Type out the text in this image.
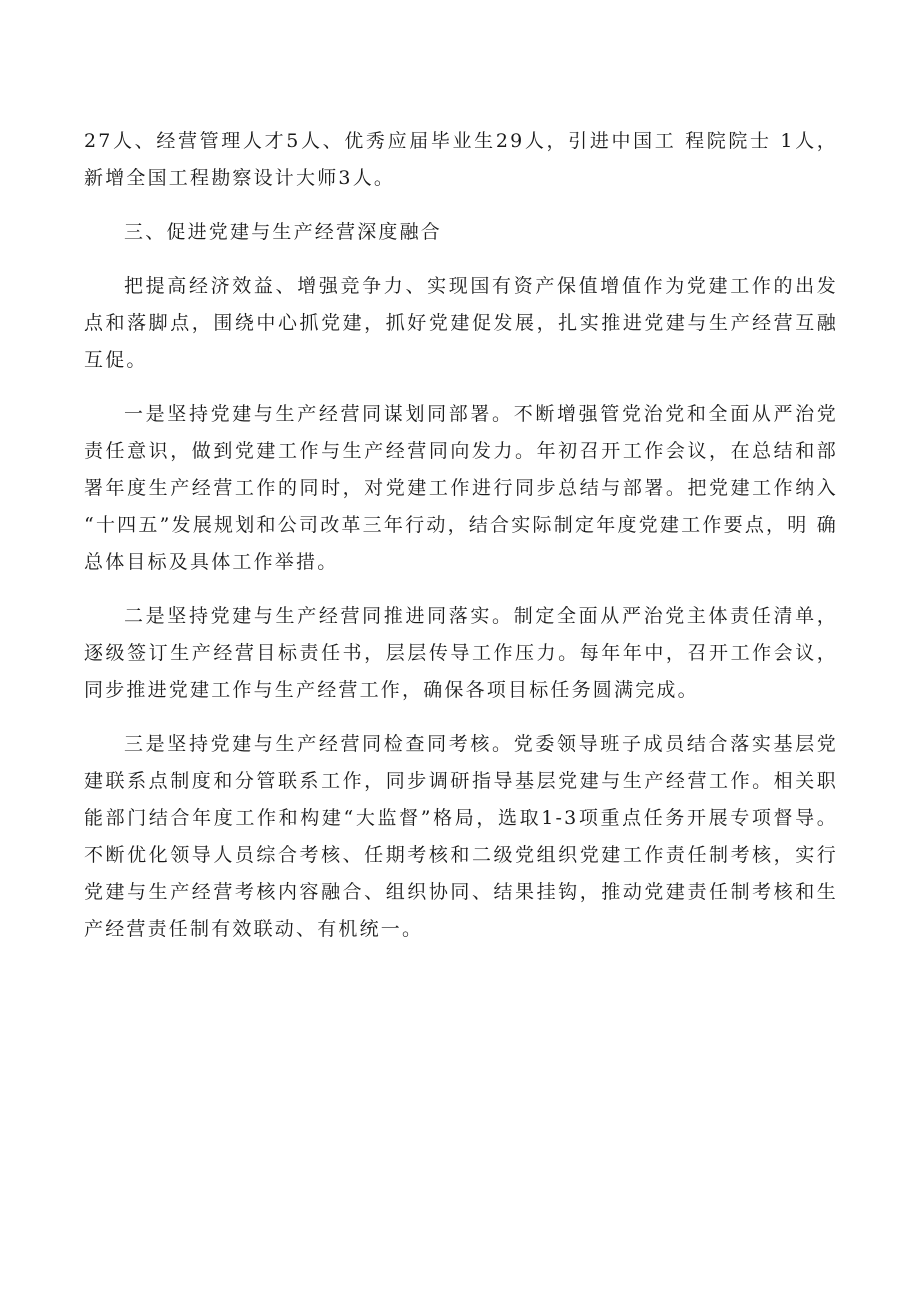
27人、经营管理人才5人、优秀应届毕业生29人，引进中国工 程院院士 1人，新增全国工程勘察设计大师3人。

三、促进党建与生产经营深度融合

把提高经济效益、增强竞争力、实现国有资产保值增值作为党建工作的出发 点和落脚点，围绕中心抓党建，抓好党建促发展，扎实推进党建与生产经营互融 互促。

一是坚持党建与生产经营同谋划同部署。不断增强管党治党和全面从严治党 责任意识，做到党建工作与生产经营同向发力。年初召开工作会议，在总结和部 署年度生产经营工作的同时，对党建工作进行同步总结与部署。把党建工作纳入 “十四五”发展规划和公司改革三年行动，结合实际制定年度党建工作要点，明 确总体目标及具体工作举措。

二是坚持党建与生产经营同推进同落实。制定全面从严治党主体责任清单，逐级签订生产经营目标责任书，层层传导工作压力。每年年中，召开工作会议，同步推进党建工作与生产经营工作，确保各项目标任务圆满完成。

三是坚持党建与生产经营同检查同考核。党委领导班子成员结合落实基层党 建联系点制度和分管联系工作，同步调研指导基层党建与生产经营工作。相关职 能部门结合年度工作和构建“大监督”格局，选取1-3项重点任务开展专项督导。 不断优化领导人员综合考核、任期考核和二级党组织党建工作责任制考核，实行 党建与生产经营考核内容融合、组织协同、结果挂钩，推动党建责任制考核和生 产经营责任制有效联动、有机统一。
